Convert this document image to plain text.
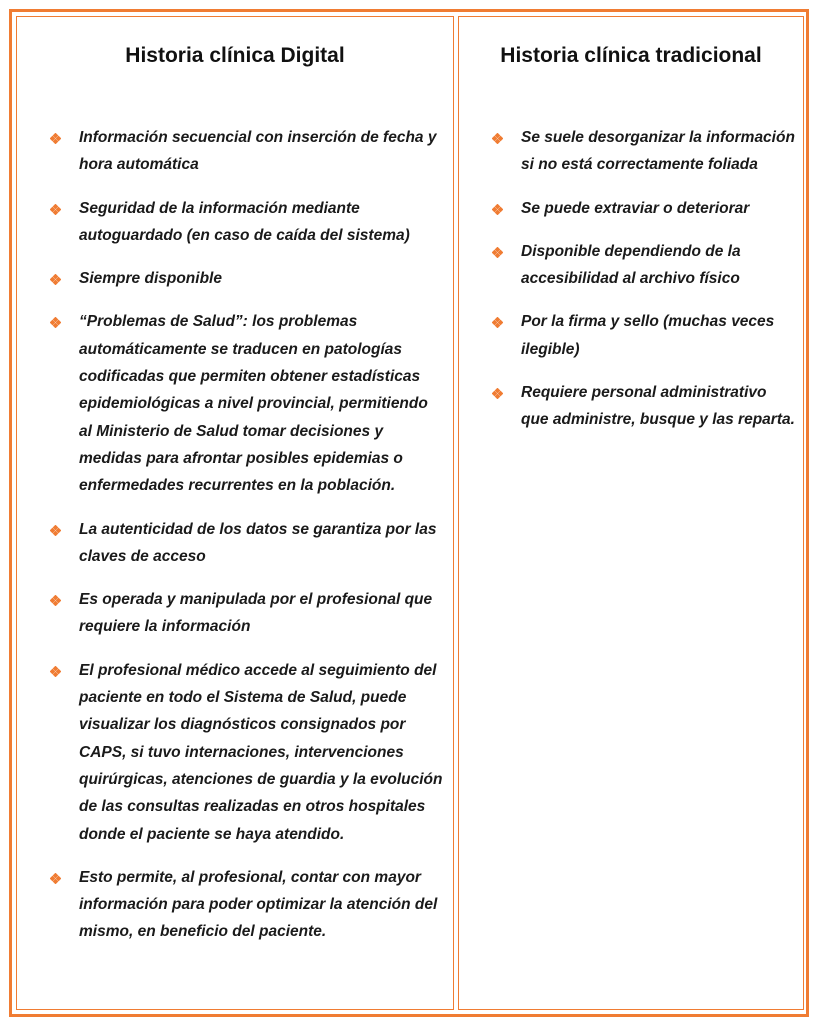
Historia clínica Digital
Información secuencial con inserción de fecha y hora automática
Seguridad de la información mediante autoguardado (en caso de caída del sistema)
Siempre disponible
“Problemas de Salud”: los problemas automáticamente se traducen en patologías codificadas que permiten obtener estadísticas epidemiológicas a nivel provincial, permitiendo al Ministerio de Salud tomar decisiones y medidas para afrontar posibles epidemias o enfermedades recurrentes en la población.
La autenticidad de los datos se garantiza por las claves de acceso
Es operada y manipulada por el profesional que requiere la información
El profesional médico accede al seguimiento del paciente en todo el Sistema de Salud, puede visualizar los diagnósticos consignados por CAPS, si tuvo internaciones, intervenciones quirúrgicas, atenciones de guardia y la evolución de las consultas realizadas en otros hospitales donde el paciente se haya atendido.
Esto permite, al profesional, contar con mayor información para poder optimizar la atención del mismo, en beneficio del paciente.
Historia clínica tradicional
Se suele desorganizar la información si no está correctamente foliada
Se puede extraviar o deteriorar
Disponible dependiendo de la accesibilidad al archivo físico
Por la firma y sello (muchas veces ilegible)
Requiere personal administrativo que administre, busque y las reparta.
